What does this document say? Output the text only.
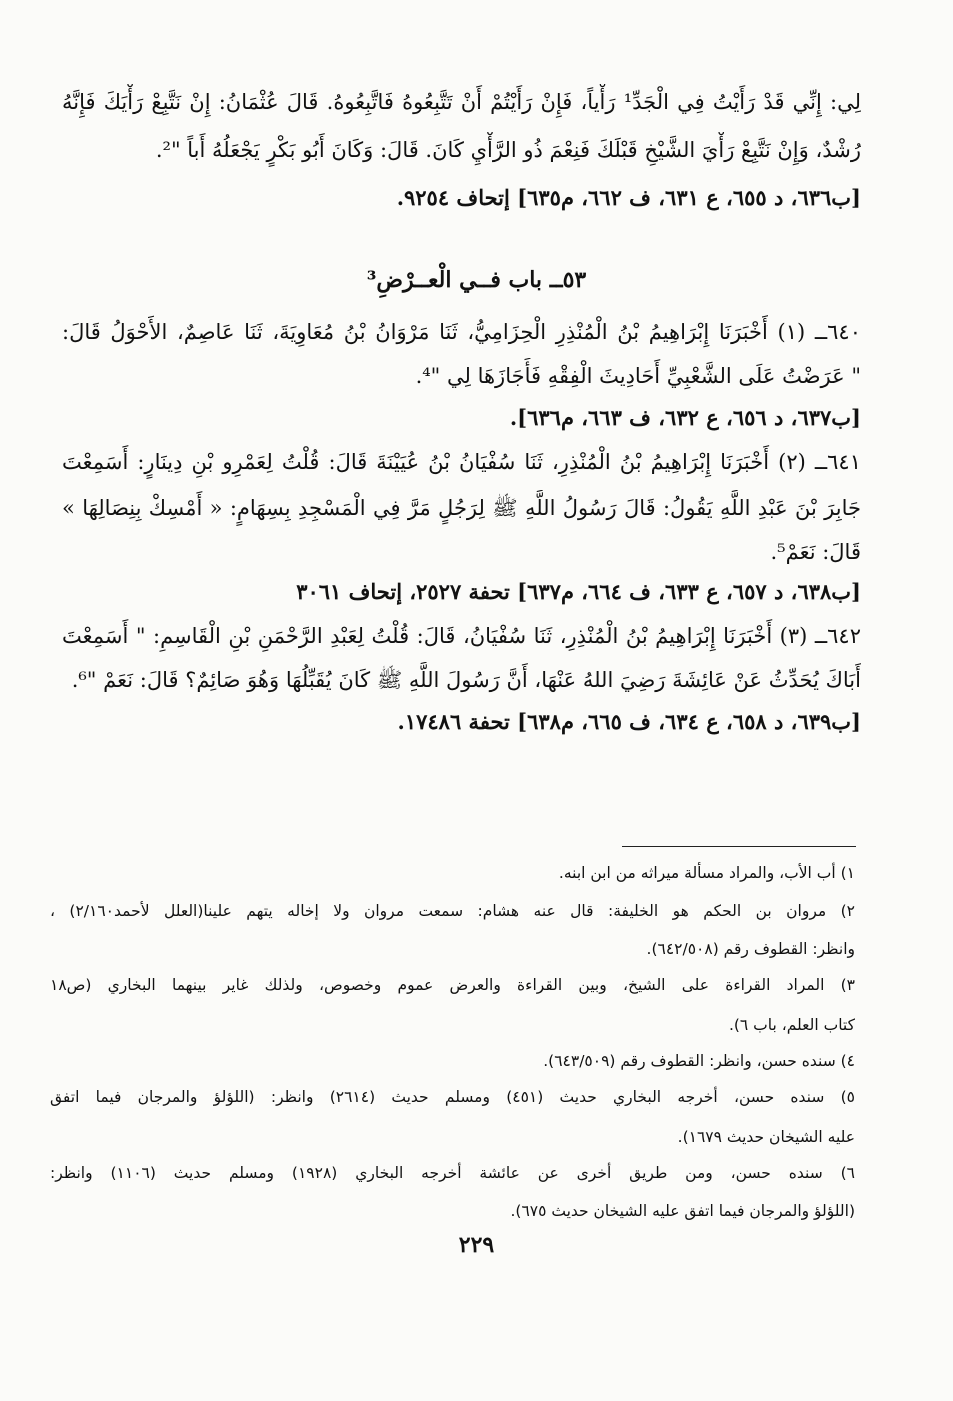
لِي: إِنِّي قَدْ رَأَيْتُ فِي الْجَدِّ¹ رَأْياً، فَإِنْ رَأَيْتُمْ أَنْ تَتَّبِعُوهُ فَاتَّبِعُوهُ. قَالَ عُثْمَانُ: إِنْ نَتَّبِعْ رَأْيَكَ فَإِنَّهُ
رُشْدٌ، وَإِنْ نَتَّبِعْ رَأْيَ الشَّيْخِ قَبْلَكَ فَنِعْمَ ذُو الرَّأْيِ كَانَ. قَالَ: وَكَانَ أَبُو بَكْرٍ يَجْعَلُهُ أَباً "².
[ب٦٣٦، د ٦٥٥، ع ٦٣١، ف ٦٦٢، م٦٣٥] إتحاف ٩٢٥٤.
٥٣ــ باب فــي الْعــرْضِ³
٦٤٠ــ (١) أَخْبَرَنَا إِبْرَاهِيمُ بْنُ الْمُنْذِرِ الْحِزَامِيُّ، ثَنَا مَرْوَانُ بْنُ مُعَاوِيَةَ، ثَنَا عَاصِمٌ، الأَحْوَلُ قَالَ:
" عَرَضْتُ عَلَى الشَّعْبِيِّ أَحَادِيثَ الْفِقْهِ فَأَجَازَهَا لِي "⁴.
[ب٦٣٧، د ٦٥٦، ع ٦٣٢، ف ٦٦٣، م٦٣٦].
٦٤١ــ (٢) أَخْبَرَنَا إِبْرَاهِيمُ بْنُ الْمُنْذِرِ، ثَنَا سُفْيَانُ بْنُ عُيَيْنَةَ قَالَ: قُلْتُ لِعَمْرِو بْنِ دِينَارٍ: أَسَمِعْتَ
جَابِرَ بْنَ عَبْدِ اللَّهِ يَقُولُ: قَالَ رَسُولُ اللَّهِ ﷺ لِرَجُلٍ مَرَّ فِي الْمَسْجِدِ بِسِهَامٍ: « أَمْسِكْ بِنِصَالِهَا »
قَالَ: نَعَمْ⁵.
[ب٦٣٨، د ٦٥٧، ع ٦٣٣، ف ٦٦٤، م٦٣٧] تحفة ٢٥٢٧، إتحاف ٣٠٦١
٦٤٢ــ (٣) أَخْبَرَنَا إِبْرَاهِيمُ بْنُ الْمُنْذِرِ، ثَنَا سُفْيَانُ، قَالَ: قُلْتُ لِعَبْدِ الرَّحْمَنِ بْنِ الْقَاسِمِ: " أَسَمِعْتَ
أَبَاكَ يُحَدِّثُ عَنْ عَائِشَةَ رَضِيَ اللهُ عَنْهَا، أَنَّ رَسُولَ اللَّهِ ﷺ كَانَ يُقَبِّلُهَا وَهُوَ صَائِمٌ؟ قَالَ: نَعَمْ "⁶.
[ب٦٣٩، د ٦٥٨، ع ٦٣٤، ف ٦٦٥، م٦٣٨] تحفة ١٧٤٨٦.
١) أب الأب، والمراد مسألة ميراثه من ابن ابنه.
٢) مروان بن الحكم هو الخليفة: قال عنه هشام: سمعت مروان ولا إخاله يتهم علينا(العلل لأحمد٢/١٦٠) ،
وانظر: القطوف رقم (٦٤٢/٥٠٨).
٣) المراد القراءة على الشيخ، وبين القراءة والعرض عموم وخصوص، ولذلك غاير بينهما البخاري (ص١٨
كتاب العلم، باب ٦).
٤) سنده حسن، وانظر: القطوف رقم (٦٤٣/٥٠٩).
٥) سنده حسن، أخرجه البخاري حديث (٤٥١) ومسلم حديث (٢٦١٤) وانظر: (اللؤلؤ والمرجان فيما اتفق
عليه الشيخان حديث ١٦٧٩).
٦) سنده حسن، ومن طريق أخرى عن عائشة أخرجه البخاري (١٩٢٨) ومسلم حديث (١١٠٦) وانظر:
(اللؤلؤ والمرجان فيما اتفق عليه الشيخان حديث ٦٧٥).
٢٢٩
